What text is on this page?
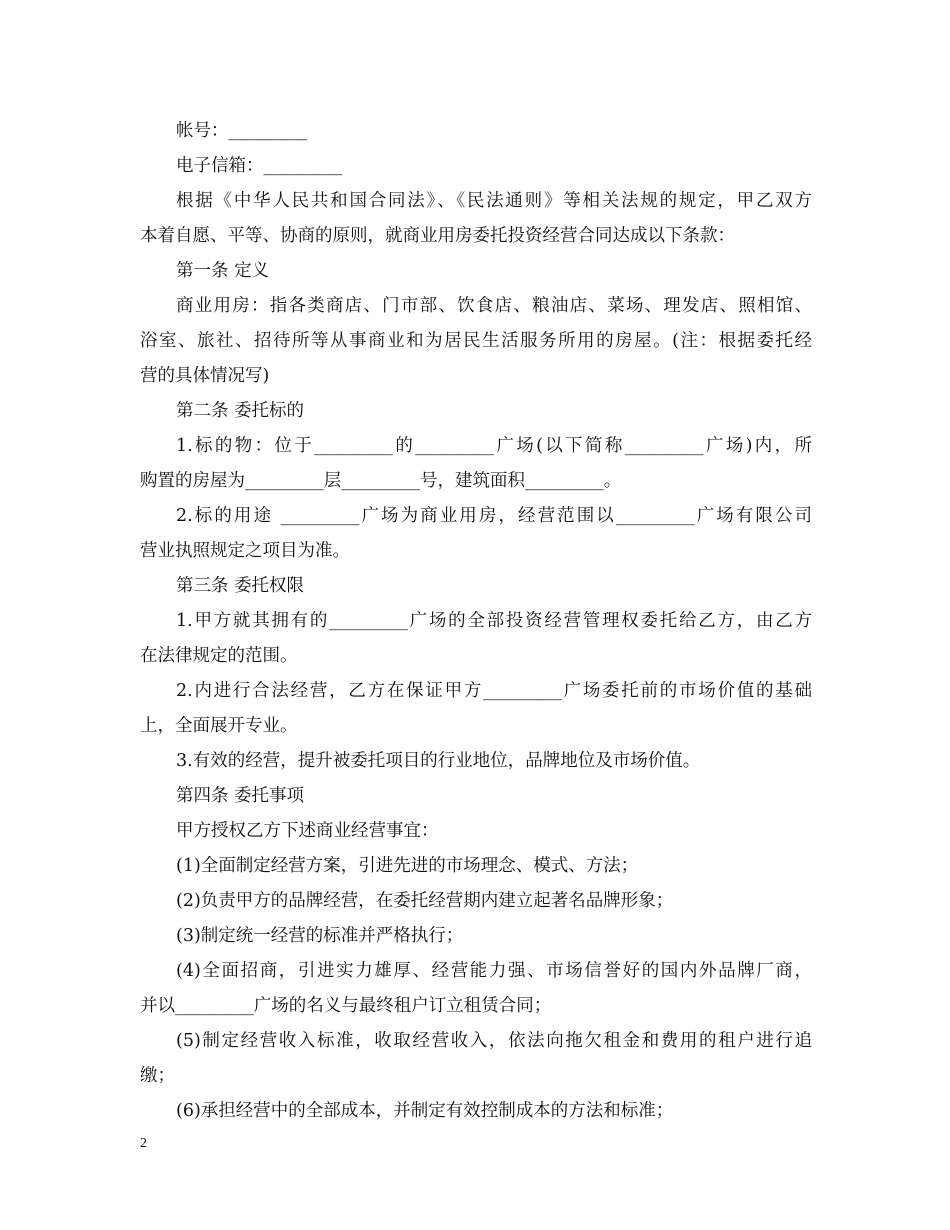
帐号：_________
电子信箱：_________
根据《中华人民共和国合同法》、《民法通则》等相关法规的规定，甲乙双方
本着自愿、平等、协商的原则，就商业用房委托投资经营合同达成以下条款：
第一条 定义
商业用房：指各类商店、门市部、饮食店、粮油店、菜场、理发店、照相馆、
浴室、旅社、招待所等从事商业和为居民生活服务所用的房屋。(注：根据委托经
营的具体情况写)
第二条 委托标的
1.标的物：位于_________的_________广场(以下简称_________广场)内，所
购置的房屋为_________层_________号，建筑面积_________。
2.标的用途 _________广场为商业用房，经营范围以_________广场有限公司
营业执照规定之项目为准。
第三条 委托权限
1.甲方就其拥有的_________广场的全部投资经营管理权委托给乙方，由乙方
在法律规定的范围。
2.内进行合法经营，乙方在保证甲方_________广场委托前的市场价值的基础
上，全面展开专业。
3.有效的经营，提升被委托项目的行业地位，品牌地位及市场价值。
第四条 委托事项
甲方授权乙方下述商业经营事宜：
(1)全面制定经营方案，引进先进的市场理念、模式、方法；
(2)负责甲方的品牌经营，在委托经营期内建立起著名品牌形象；
(3)制定统一经营的标准并严格执行；
(4)全面招商，引进实力雄厚、经营能力强、市场信誉好的国内外品牌厂商，
并以_________广场的名义与最终租户订立租赁合同；
(5)制定经营收入标准，收取经营收入，依法向拖欠租金和费用的租户进行追
缴；
(6)承担经营中的全部成本，并制定有效控制成本的方法和标准；
2
